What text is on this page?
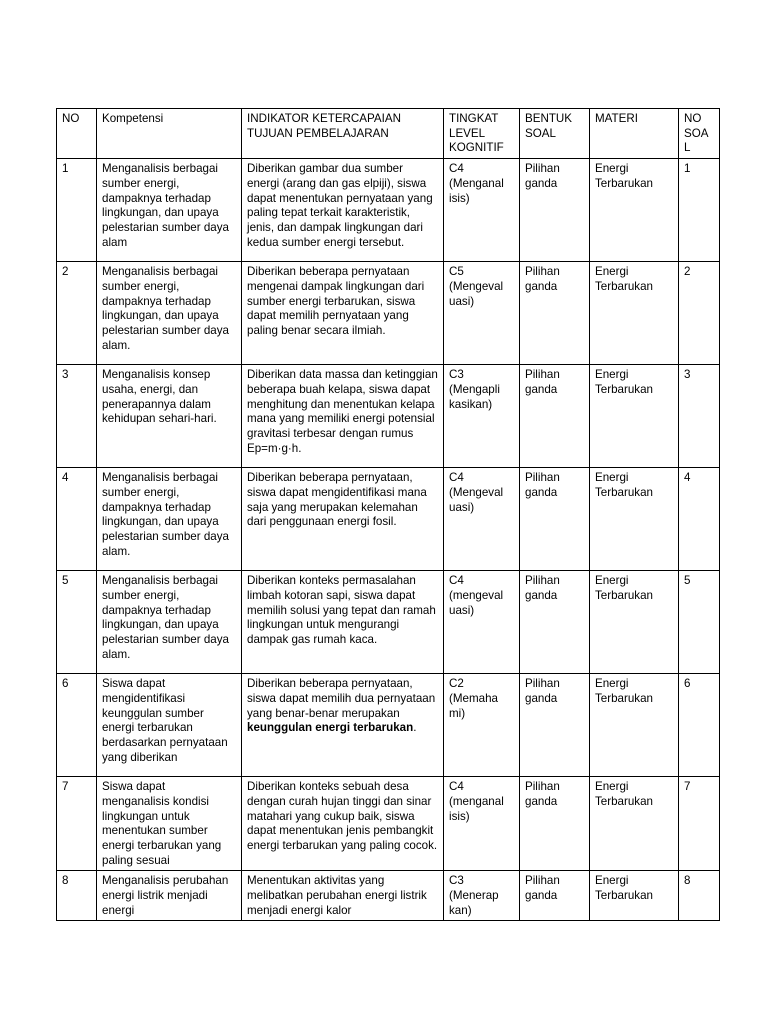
NO	Kompetensi	INDIKATOR KETERCAPAIAN TUJUAN PEMBELAJARAN	TINGKAT LEVEL KOGNITIF	BENTUK SOAL	MATERI	NO SOAL
1	Menganalisis berbagai sumber energi, dampaknya terhadap lingkungan, dan upaya pelestarian sumber daya alam	Diberikan gambar dua sumber energi (arang dan gas elpiji), siswa dapat menentukan pernyataan yang paling tepat terkait karakteristik, jenis, dan dampak lingkungan dari kedua sumber energi tersebut.	C4 (Menganal isis)	Pilihan ganda	Energi Terbarukan	1
2	Menganalisis berbagai sumber energi, dampaknya terhadap lingkungan, dan upaya pelestarian sumber daya alam.	Diberikan beberapa pernyataan mengenai dampak lingkungan dari sumber energi terbarukan, siswa dapat memilih pernyataan yang paling benar secara ilmiah.	C5 (Mengeval uasi)	Pilihan ganda	Energi Terbarukan	2
3	Menganalisis konsep usaha, energi, dan penerapannya dalam kehidupan sehari-hari.	Diberikan data massa dan ketinggian beberapa buah kelapa, siswa dapat menghitung dan menentukan kelapa mana yang memiliki energi potensial gravitasi terbesar dengan rumus Ep=m·g·h.	C3 (Mengapli kasikan)	Pilihan ganda	Energi Terbarukan	3
4	Menganalisis berbagai sumber energi, dampaknya terhadap lingkungan, dan upaya pelestarian sumber daya alam.	Diberikan beberapa pernyataan, siswa dapat mengidentifikasi mana saja yang merupakan kelemahan dari penggunaan energi fosil.	C4 (Mengeval uasi)	Pilihan ganda	Energi Terbarukan	4
5	Menganalisis berbagai sumber energi, dampaknya terhadap lingkungan, dan upaya pelestarian sumber daya alam.	Diberikan konteks permasalahan limbah kotoran sapi, siswa dapat memilih solusi yang tepat dan ramah lingkungan untuk mengurangi dampak gas rumah kaca.	C4 (mengeval uasi)	Pilihan ganda	Energi Terbarukan	5
6	Siswa dapat mengidentifikasi keunggulan sumber energi terbarukan berdasarkan pernyataan yang diberikan	Diberikan beberapa pernyataan, siswa dapat memilih dua pernyataan yang benar-benar merupakan keunggulan energi terbarukan.	C2 (Memaha mi)	Pilihan ganda	Energi Terbarukan	6
7	Siswa dapat menganalisis kondisi lingkungan untuk menentukan sumber energi terbarukan yang paling sesuai	Diberikan konteks sebuah desa dengan curah hujan tinggi dan sinar matahari yang cukup baik, siswa dapat menentukan jenis pembangkit energi terbarukan yang paling cocok.	C4 (menganal isis)	Pilihan ganda	Energi Terbarukan	7
8	Menganalisis perubahan energi listrik menjadi energi	Menentukan aktivitas yang melibatkan perubahan energi listrik menjadi energi kalor	C3 (Menerap kan)	Pilihan ganda	Energi Terbarukan	8
